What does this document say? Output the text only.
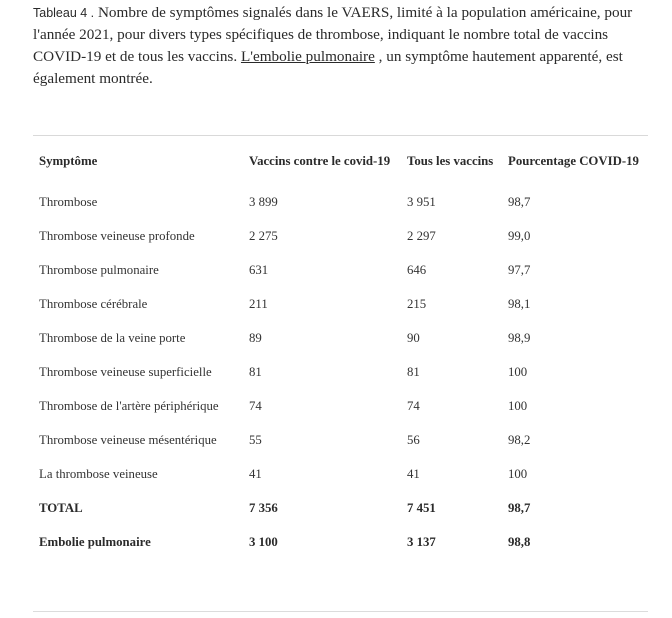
Tableau 4 . Nombre de symptômes signalés dans le VAERS, limité à la population américaine, pour l'année 2021, pour divers types spécifiques de thrombose, indiquant le nombre total de vaccins COVID-19 et de tous les vaccins. L'embolie pulmonaire , un symptôme hautement apparenté, est également montrée.

Symptôme	Vaccins contre le covid-19	Tous les vaccins	Pourcentage COVID-19
Thrombose	3 899	3 951	98,7
Thrombose veineuse profonde	2 275	2 297	99,0
Thrombose pulmonaire	631	646	97,7
Thrombose cérébrale	211	215	98,1
Thrombose de la veine porte	89	90	98,9
Thrombose veineuse superficielle	81	81	100
Thrombose de l'artère périphérique	74	74	100
Thrombose veineuse mésentérique	55	56	98,2
La thrombose veineuse	41	41	100
TOTAL	7 356	7 451	98,7
Embolie pulmonaire	3 100	3 137	98,8
